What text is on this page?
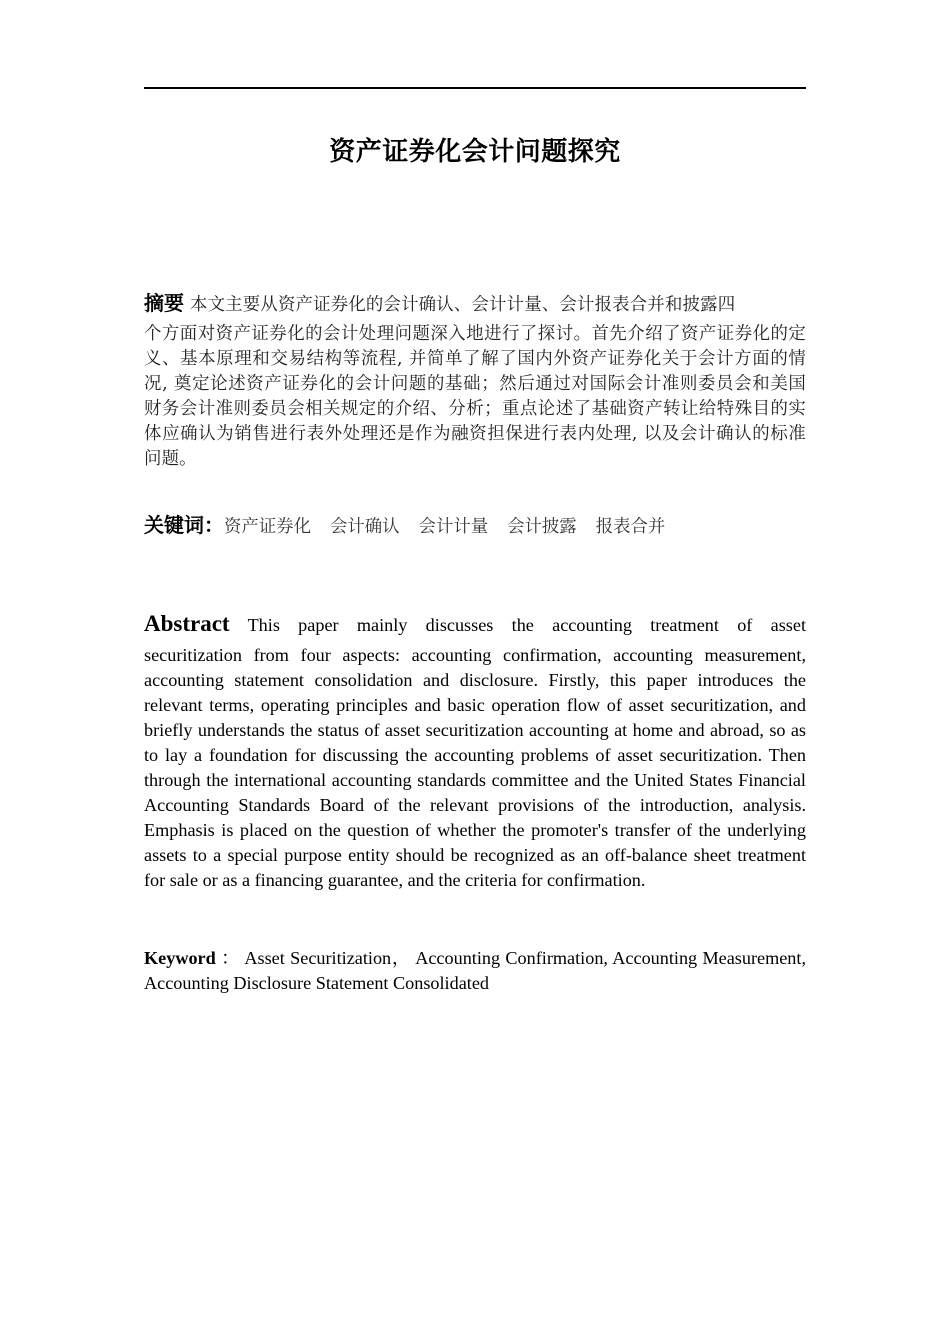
资产证券化会计问题探究
摘要 本文主要从资产证券化的会计确认、会计计量、会计报表合并和披露四
个方面对资产证券化的会计处理问题深入地进行了探讨。首先介绍了资产证券化的定义、基本原理和交易结构等流程, 并简单了解了国内外资产证券化关于会计方面的情况, 奠定论述资产证券化的会计问题的基础；然后通过对国际会计准则委员会和美国财务会计准则委员会相关规定的介绍、分析；重点论述了基础资产转让给特殊目的实体应确认为销售进行表外处理还是作为融资担保进行表内处理, 以及会计确认的标准问题。
关键词：资产证券化 会计确认 会计计量 会计披露 报表合并
Abstract This paper mainly discusses the accounting treatment of asset
securitization from four aspects: accounting confirmation, accounting measurement, accounting statement consolidation and disclosure. Firstly, this paper introduces the relevant terms, operating principles and basic operation flow of asset securitization, and briefly understands the status of asset securitization accounting at home and abroad, so as to lay a foundation for discussing the accounting problems of asset securitization. Then through the international accounting standards committee and the United States Financial Accounting Standards Board of the relevant provisions of the introduction, analysis. Emphasis is placed on the question of whether the promoter's transfer of the underlying assets to a special purpose entity should be recognized as an off-balance sheet treatment for sale or as a financing guarantee, and the criteria for confirmation.
Keyword ： Asset Securitization， Accounting Confirmation, Accounting Measurement, Accounting Disclosure Statement Consolidated
